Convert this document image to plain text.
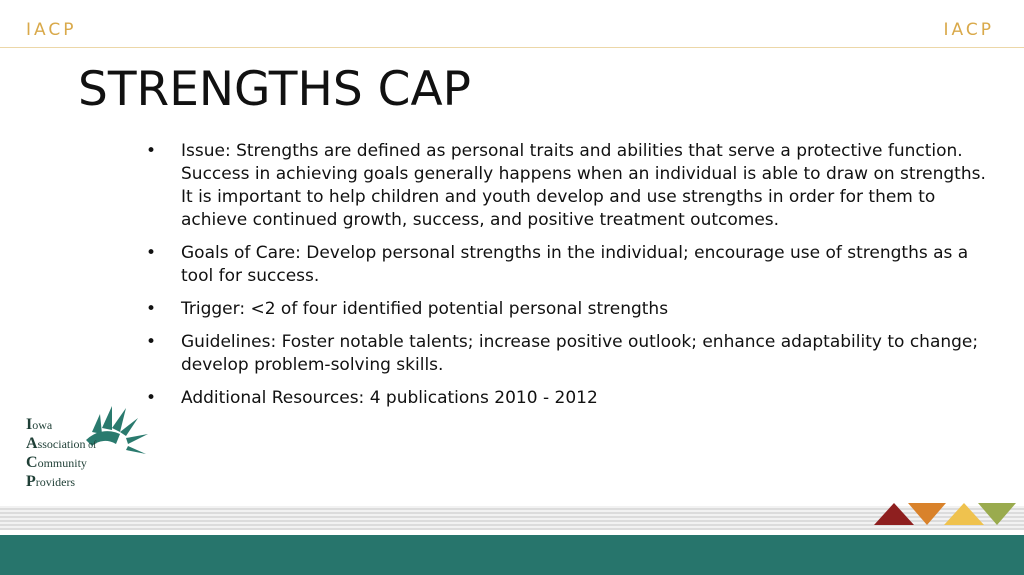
IACP	IACP
STRENGTHS CAP
• Issue: Strengths are defined as personal traits and abilities that serve a protective function. Success in achieving goals generally happens when an individual is able to draw on strengths. It is important to help children and youth develop and use strengths in order for them to achieve continued growth, success, and positive treatment outcomes.
• Goals of Care: Develop personal strengths in the individual; encourage use of strengths as a tool for success.
• Trigger: <2 of four identified potential personal strengths
• Guidelines: Foster notable talents; increase positive outlook; enhance adaptability to change; develop problem-solving skills.
• Additional Resources: 4 publications 2010 - 2012
Iowa
Association of
Community
Providers
